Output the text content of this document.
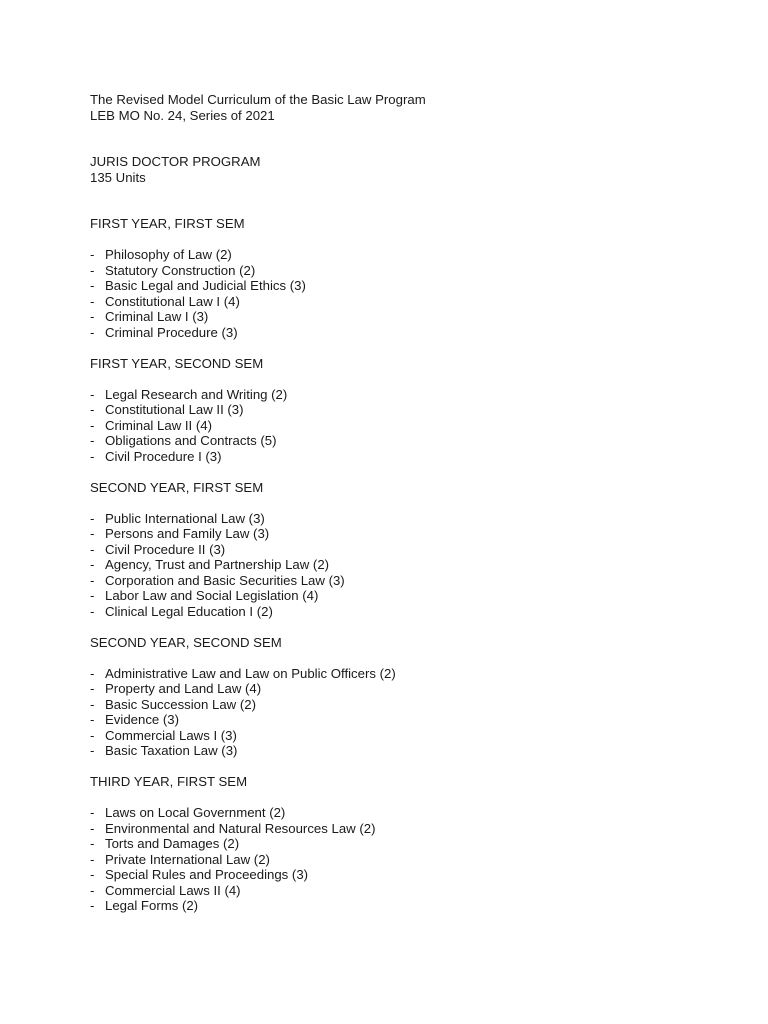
The Revised Model Curriculum of the Basic Law Program

LEB MO No. 24, Series of 2021

JURIS DOCTOR PROGRAM

135 Units

FIRST YEAR, FIRST SEM
- Philosophy of Law (2)
- Statutory Construction (2)
- Basic Legal and Judicial Ethics (3)
- Constitutional Law I (4)
- Criminal Law I (3)
- Criminal Procedure (3)
FIRST YEAR, SECOND SEM
- Legal Research and Writing (2)
- Constitutional Law II (3)
- Criminal Law II (4)
- Obligations and Contracts (5)
- Civil Procedure I (3)
SECOND YEAR, FIRST SEM
- Public International Law (3)
- Persons and Family Law (3)
- Civil Procedure II (3)
- Agency, Trust and Partnership Law (2)
- Corporation and Basic Securities Law (3)
- Labor Law and Social Legislation (4)
- Clinical Legal Education I (2)
SECOND YEAR, SECOND SEM
- Administrative Law and Law on Public Officers (2)
- Property and Land Law (4)
- Basic Succession Law (2)
- Evidence (3)
- Commercial Laws I (3)
- Basic Taxation Law (3)
THIRD YEAR, FIRST SEM
- Laws on Local Government (2)
- Environmental and Natural Resources Law (2)
- Torts and Damages (2)
- Private International Law (2)
- Special Rules and Proceedings (3)
- Commercial Laws II (4)
- Legal Forms (2)
